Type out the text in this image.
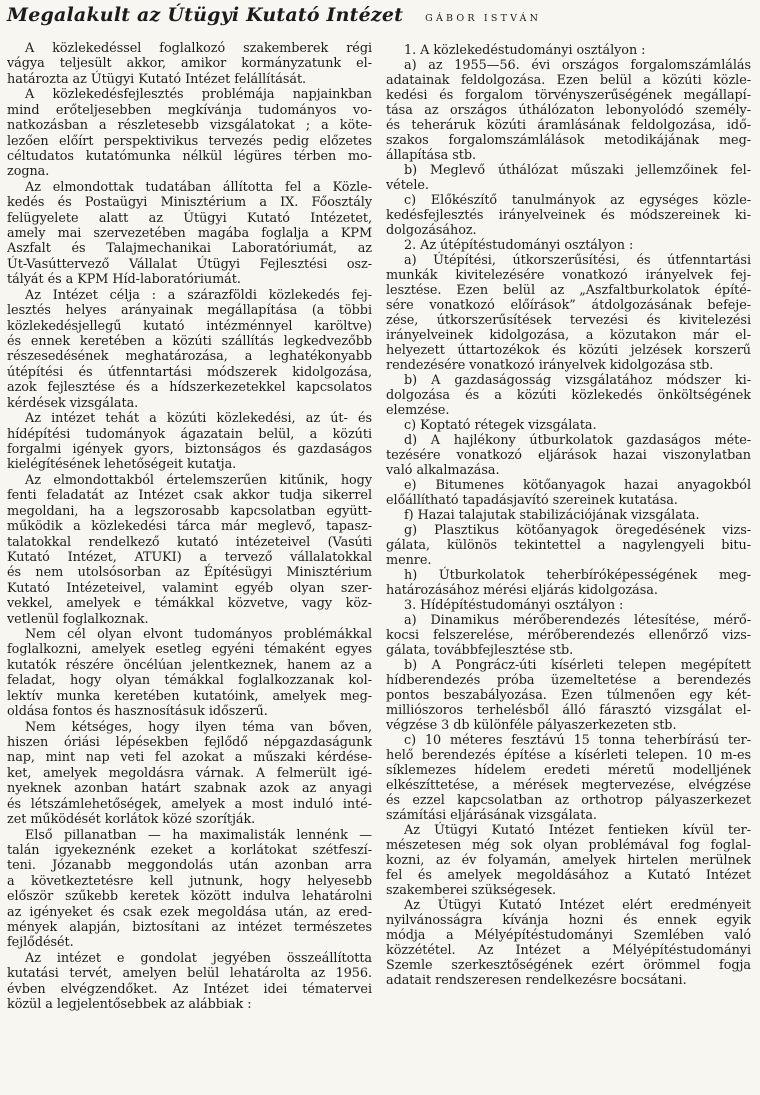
Megalakult az Útügyi Kutató Intézet GÁBOR ISTVÁN
A közlekedéssel foglalkozó szakemberek régi
vágya teljesült akkor, amikor kormányzatunk el-
határozta az Útügyi Kutató Intézet felállítását.
A közlekedésfejlesztés problémája napjainkban
mind erőteljesebben megkívánja tudományos vo-
natkozásban a részletesebb vizsgálatokat ; a köte-
lezően előírt perspektivikus tervezés pedig előzetes
céltudatos kutatómunka nélkül légüres térben mo-
zogna.
Az elmondottak tudatában állította fel a Közle-
kedés és Postaügyi Minisztérium a IX. Főosztály
felügyelete alatt az Útügyi Kutató Intézetet,
amely mai szervezetében magába foglalja a KPM
Aszfalt és Talajmechanikai Laboratóriumát, az
Út-Vasúttervező Vállalat Útügyi Fejlesztési osz-
tályát és a KPM Híd-laboratóriumát.
Az Intézet célja : a szárazföldi közlekedés fej-
lesztés helyes arányainak megállapítása (a többi
közlekedésjellegű kutató intézménnyel karöltve)
és ennek keretében a közúti szállítás legkedvezőbb
részesedésének meghatározása, a leghatékonyabb
útépítési és útfenntartási módszerek kidolgozása,
azok fejlesztése és a hídszerkezetekkel kapcsolatos
kérdések vizsgálata.
Az intézet tehát a közúti közlekedési, az út- és
hídépítési tudományok ágazatain belül, a közúti
forgalmi igények gyors, biztonságos és gazdaságos
kielégítésének lehetőségeit kutatja.
Az elmondottakból értelemszerűen kitűnik, hogy
fenti feladatát az Intézet csak akkor tudja sikerrel
megoldani, ha a legszorosabb kapcsolatban együtt-
működik a közlekedési tárca már meglevő, tapasz-
talatokkal rendelkező kutató intézeteivel (Vasúti
Kutató Intézet, ATUKI) a tervező vállalatokkal
és nem utolsósorban az Építésügyi Minisztérium
Kutató Intézeteivel, valamint egyéb olyan szer-
vekkel, amelyek e témákkal közvetve, vagy köz-
vetlenül foglalkoznak.
Nem cél olyan elvont tudományos problémákkal
foglalkozni, amelyek esetleg egyéni témaként egyes
kutatók részére öncélúan jelentkeznek, hanem az a
feladat, hogy olyan témákkal foglalkozzanak kol-
lektív munka keretében kutatóink, amelyek meg-
oldása fontos és hasznosításuk időszerű.
Nem kétséges, hogy ilyen téma van bőven,
hiszen óriási lépésekben fejlődő népgazdaságunk
nap, mint nap veti fel azokat a műszaki kérdése-
ket, amelyek megoldásra várnak. A felmerült igé-
nyeknek azonban határt szabnak azok az anyagi
és létszámlehetőségek, amelyek a most induló inté-
zet működését korlátok közé szorítják.
Első pillanatban — ha maximalisták lennénk —
talán igyekeznénk ezeket a korlátokat szétfeszí-
teni. Józanabb meggondolás után azonban arra
a következtetésre kell jutnunk, hogy helyesebb
először szűkebb keretek között indulva lehatárolni
az igényeket és csak ezek megoldása után, az ered-
mények alapján, biztosítani az intézet természetes
fejlődését.
Az intézet e gondolat jegyében összeállította
kutatási tervét, amelyen belül lehatárolta az 1956.
évben elvégzendőket. Az Intézet idei tématervei
közül a legjelentősebbek az alábbiak :
1. A közlekedéstudományi osztályon :
a) az 1955—56. évi országos forgalomszámlálás
adatainak feldolgozása. Ezen belül a közúti közle-
kedési és forgalom törvényszerűségének megállapí-
tása az országos úthálózaton lebonyolódó személy-
és teheráruk közúti áramlásának feldolgozása, idő-
szakos forgalomszámlálások metodikájának meg-
állapítása stb.
b) Meglevő úthálózat műszaki jellemzőinek fel-
vétele.
c) Előkészítő tanulmányok az egységes közle-
kedésfejlesztés irányelveinek és módszereinek ki-
dolgozásához.
2. Az útépítéstudományi osztályon :
a) Útépítési, útkorszerűsítési, és útfenntartási
munkák kivitelezésére vonatkozó irányelvek fej-
lesztése. Ezen belül az „Aszfaltburkolatok építé-
sére vonatkozó előírások” átdolgozásának befeje-
zése, útkorszerűsítések tervezési és kivitelezési
irányelveinek kidolgozása, a közutakon már el-
helyezett úttartozékok és közúti jelzések korszerű
rendezésére vonatkozó irányelvek kidolgozása stb.
b) A gazdaságosság vizsgálatához módszer ki-
dolgozása és a közúti közlekedés önköltségének
elemzése.
c) Koptató rétegek vizsgálata.
d) A hajlékony útburkolatok gazdaságos méte-
tezésére vonatkozó eljárások hazai viszonylatban
való alkalmazása.
e) Bitumenes kötőanyagok hazai anyagokból
előállítható tapadásjavító szereinek kutatása.
f) Hazai talajutak stabilizációjának vizsgálata.
g) Plasztikus kötőanyagok öregedésének vizs-
gálata, különös tekintettel a nagylengyeli bitu-
menre.
h) Útburkolatok teherbíróképességének meg-
határozásához mérési eljárás kidolgozása.
3. Hídépítéstudományi osztályon :
a) Dinamikus mérőberendezés létesítése, mérő-
kocsi felszerelése, mérőberendezés ellenőrző vizs-
gálata, továbbfejlesztése stb.
b) A Pongrácz-úti kísérleti telepen megépített
hídberendezés próba üzemeltetése a berendezés
pontos beszabályozása. Ezen túlmenően egy két-
milliószoros terhelésből álló fárasztó vizsgálat el-
végzése 3 db különféle pályaszerkezeten stb.
c) 10 méteres fesztávú 15 tonna teherbírású ter-
helő berendezés építése a kísérleti telepen. 10 m-es
síklemezes hídelem eredeti méretű modelljének
elkészíttetése, a mérések megtervezése, elvégzése
és ezzel kapcsolatban az orthotrop pályaszerkezet
számítási eljárásának vizsgálata.
Az Útügyi Kutató Intézet fentieken kívül ter-
mészetesen még sok olyan problémával fog foglal-
kozni, az év folyamán, amelyek hirtelen merülnek
fel és amelyek megoldásához a Kutató Intézet
szakemberei szükségesek.
Az Útügyi Kutató Intézet elért eredményeit
nyilvánosságra kívánja hozni és ennek egyik
módja a Mélyépítéstudományi Szemlében való
közzététel. Az Intézet a Mélyépítéstudományi
Szemle szerkesztőségének ezért örömmel fogja
adatait rendszeresen rendelkezésre bocsátani.
